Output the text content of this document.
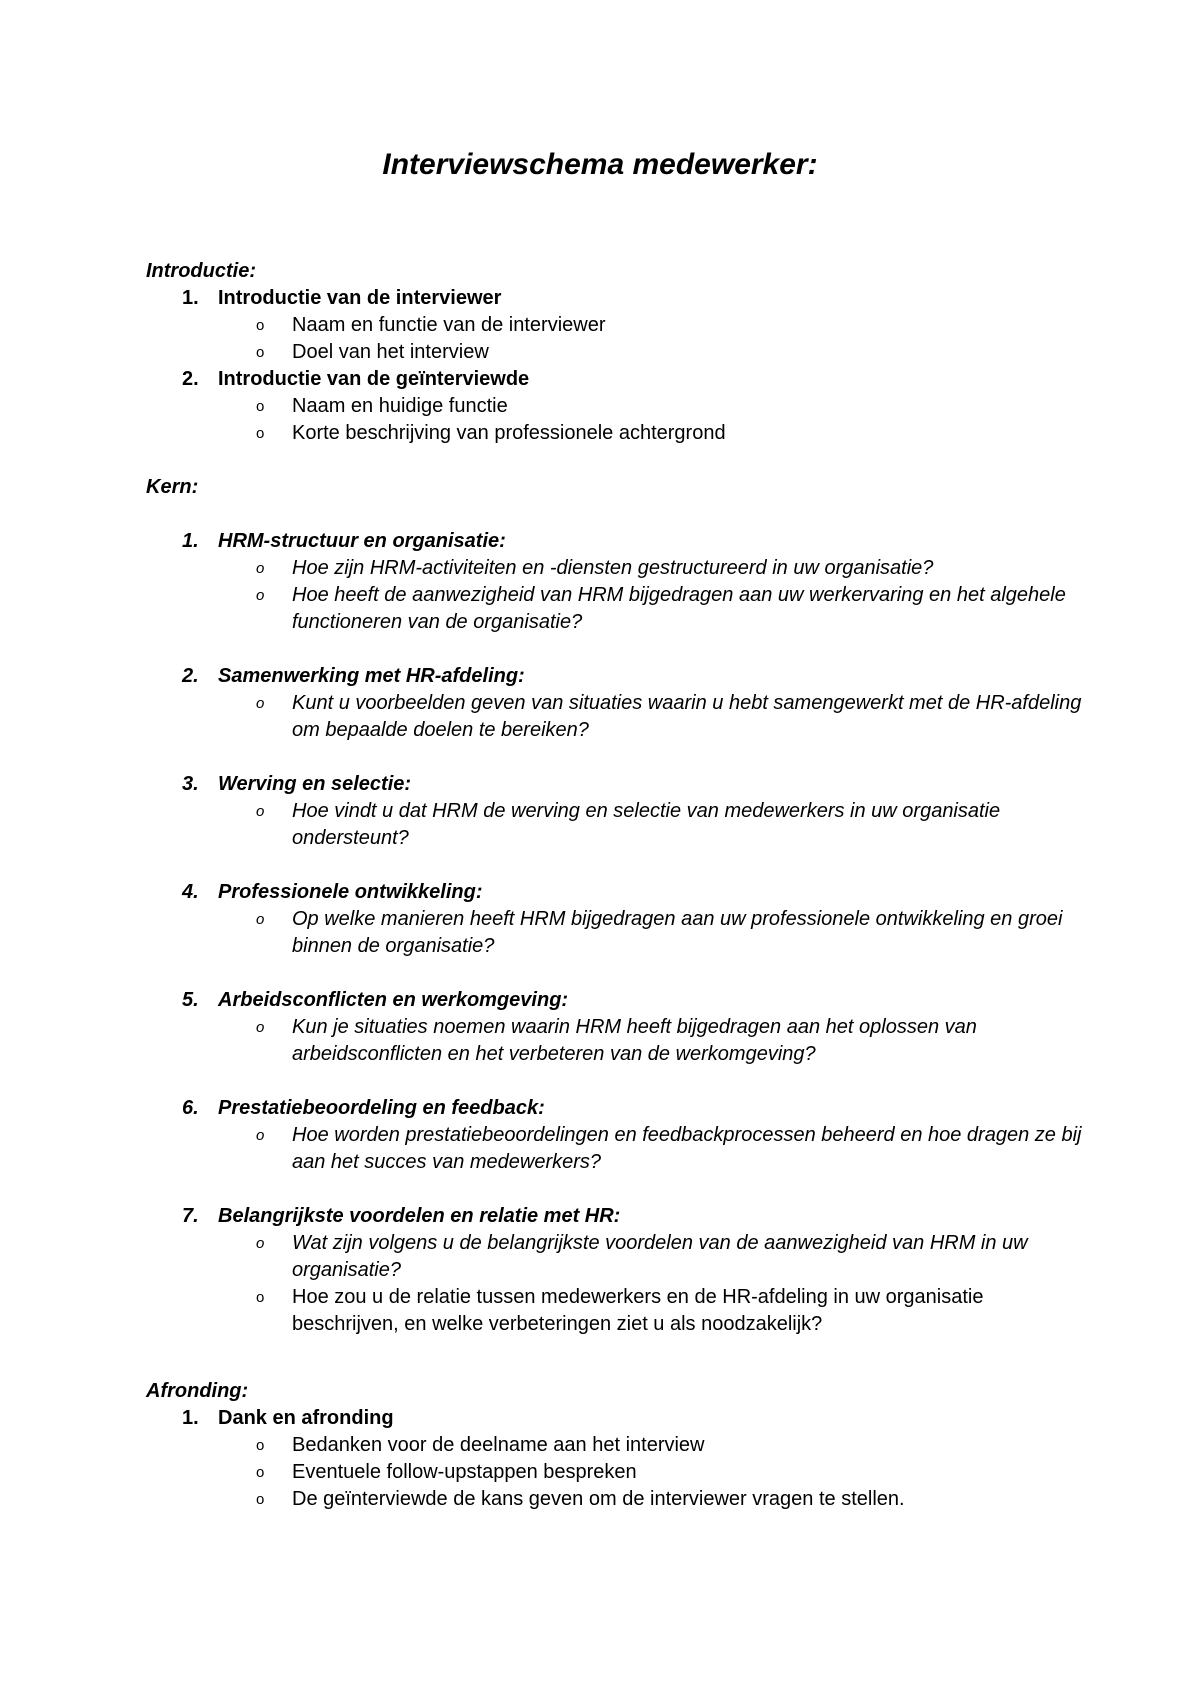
Interviewschema medewerker:
Introductie:
1. Introductie van de interviewer
o Naam en functie van de interviewer
o Doel van het interview
2. Introductie van de geïnterviewde
o Naam en huidige functie
o Korte beschrijving van professionele achtergrond
Kern:
1. HRM-structuur en organisatie:
o Hoe zijn HRM-activiteiten en -diensten gestructureerd in uw organisatie?
o Hoe heeft de aanwezigheid van HRM bijgedragen aan uw werkervaring en het algehele functioneren van de organisatie?
2. Samenwerking met HR-afdeling:
o Kunt u voorbeelden geven van situaties waarin u hebt samengewerkt met de HR-afdeling om bepaalde doelen te bereiken?
3. Werving en selectie:
o Hoe vindt u dat HRM de werving en selectie van medewerkers in uw organisatie ondersteunt?
4. Professionele ontwikkeling:
o Op welke manieren heeft HRM bijgedragen aan uw professionele ontwikkeling en groei binnen de organisatie?
5. Arbeidsconflicten en werkomgeving:
o Kun je situaties noemen waarin HRM heeft bijgedragen aan het oplossen van arbeidsconflicten en het verbeteren van de werkomgeving?
6. Prestatiebeoordeling en feedback:
o Hoe worden prestatiebeoordelingen en feedbackprocessen beheerd en hoe dragen ze bij aan het succes van medewerkers?
7. Belangrijkste voordelen en relatie met HR:
o Wat zijn volgens u de belangrijkste voordelen van de aanwezigheid van HRM in uw organisatie?
o Hoe zou u de relatie tussen medewerkers en de HR-afdeling in uw organisatie beschrijven, en welke verbeteringen ziet u als noodzakelijk?
Afronding:
1. Dank en afronding
o Bedanken voor de deelname aan het interview
o Eventuele follow-upstappen bespreken
o De geïnterviewde de kans geven om de interviewer vragen te stellen.
